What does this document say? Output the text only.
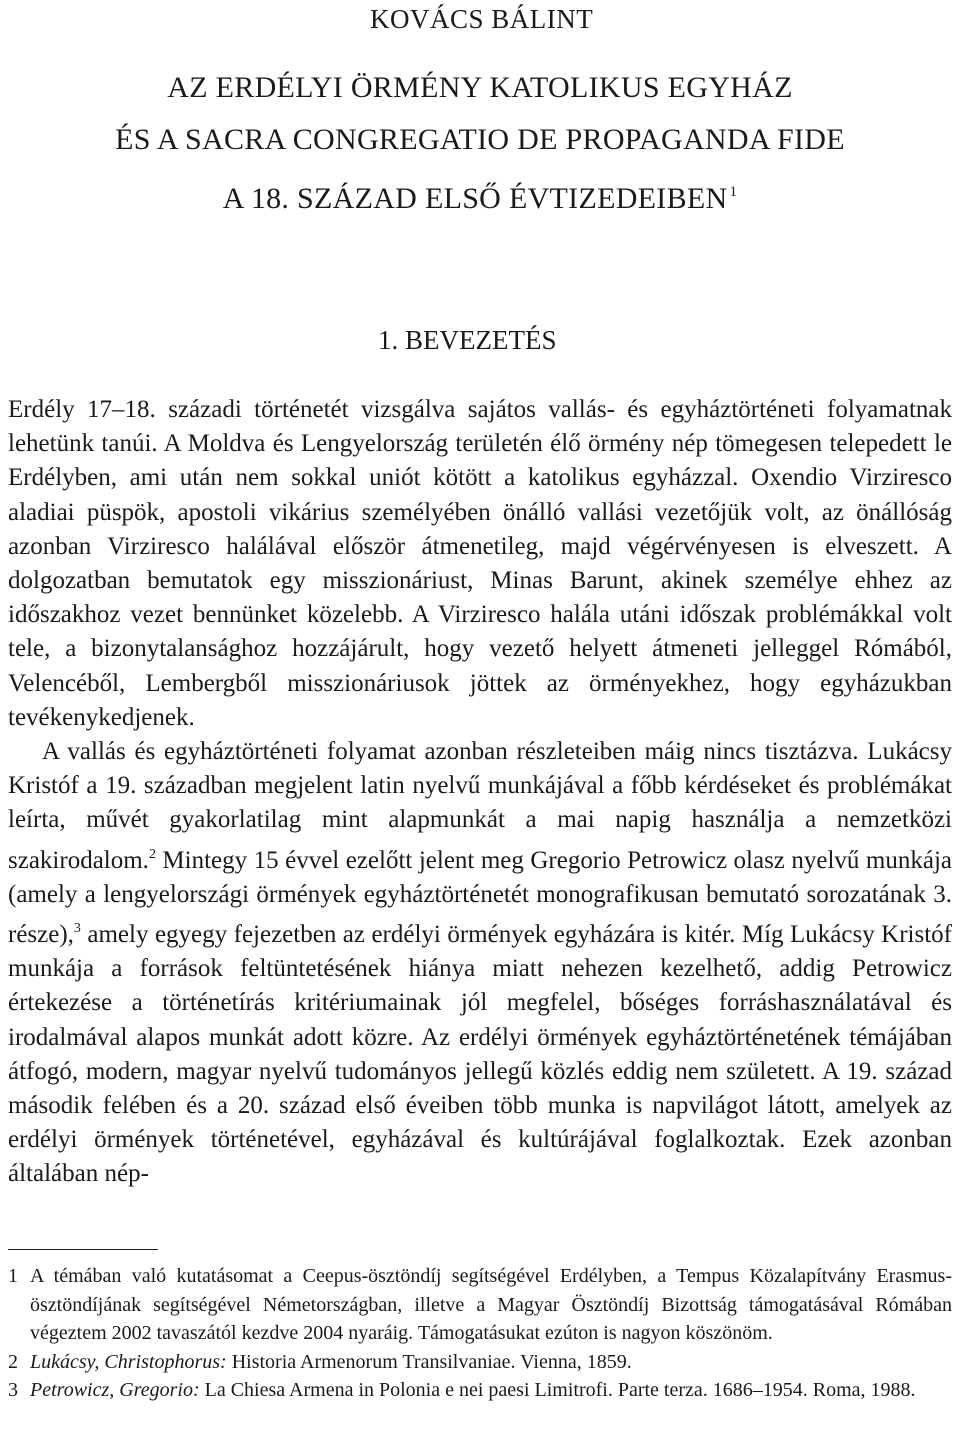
KOVÁCS BÁLINT
AZ ERDÉLYI ÖRMÉNY KATOLIKUS EGYHÁZ
ÉS A SACRA CONGREGATIO DE PROPAGANDA FIDE
A 18. SZÁZAD ELSŐ ÉVTIZEDEIBEN $^1$
1. BEVEZETÉS

Erdély 17–18. századi történetét vizsgálva sajátos vallás- és egyháztörténeti folyamatnak lehetünk tanúi. A Moldva és Lengyelország területén élő örmény nép tömegesen telepedett le Erdélyben, ami után nem sokkal uniót kötött a katolikus egyházzal. Oxendio Virziresco aladiai püspök, apostoli vikárius személyében önálló vallási vezetőjük volt, az önállóság azonban Virziresco halálával először átmenetileg, majd végérvényesen is elveszett. A dolgozatban bemutatok egy misszionáriust, Minas Barunt, akinek személye ehhez az időszakhoz vezet bennünket közelebb. A Virziresco halála utáni időszak problémákkal volt tele, a bizonytalansághoz hozzájárult, hogy vezető helyett átmeneti jelleggel Rómából, Velencéből, Lembergből misszionáriusok jöttek az örményekhez, hogy egyházukban tevékenykedjenek.

A vallás és egyháztörténeti folyamat azonban részleteiben máig nincs tisztázva. Lukácsy Kristóf a 19. században megjelent latin nyelvű munkájával a főbb kérdéseket és problémákat leírta, művét gyakorlatilag mint alapmunkát a mai napig használja a nemzetközi szakirodalom.$^2$ Mintegy 15 évvel ezelőtt jelent meg Gregorio Petrowicz olasz nyelvű munkája (amely a lengyelországi örmények egyháztörténetét monografikusan bemutató sorozatának 3. része),$^3$ amely egyegy fejezetben az erdélyi örmények egyházára is kitér. Míg Lukácsy Kristóf munkája a források feltüntetésének hiánya miatt nehezen kezelhető, addig Petrowicz értekezése a történetírás kritériumainak jól megfelel, bőséges forráshasználatával és irodalmával alapos munkát adott közre. Az erdélyi örmények egyháztörténetének témájában átfogó, modern, magyar nyelvű tudományos jellegű közlés eddig nem született. A 19. század második felében és a 20. század első éveiben több munka is napvilágot látott, amelyek az erdélyi örmények történetével, egyházával és kultúrájával foglalkoztak. Ezek azonban általában nép-

1 A témában való kutatásomat a Ceepus-ösztöndíj segítségével Erdélyben, a Tempus Közalapítvány Erasmus-ösztöndíjának segítségével Németországban, illetve a Magyar Ösztöndíj Bizottság támogatásával Rómában végeztem 2002 tavaszától kezdve 2004 nyaráig. Támogatásukat ezúton is nagyon köszönöm.
2 Lukácsy, Christophorus: Historia Armenorum Transilvaniae. Vienna, 1859.
3 Petrowicz, Gregorio: La Chiesa Armena in Polonia e nei paesi Limitrofi. Parte terza. 1686–1954. Roma, 1988.
